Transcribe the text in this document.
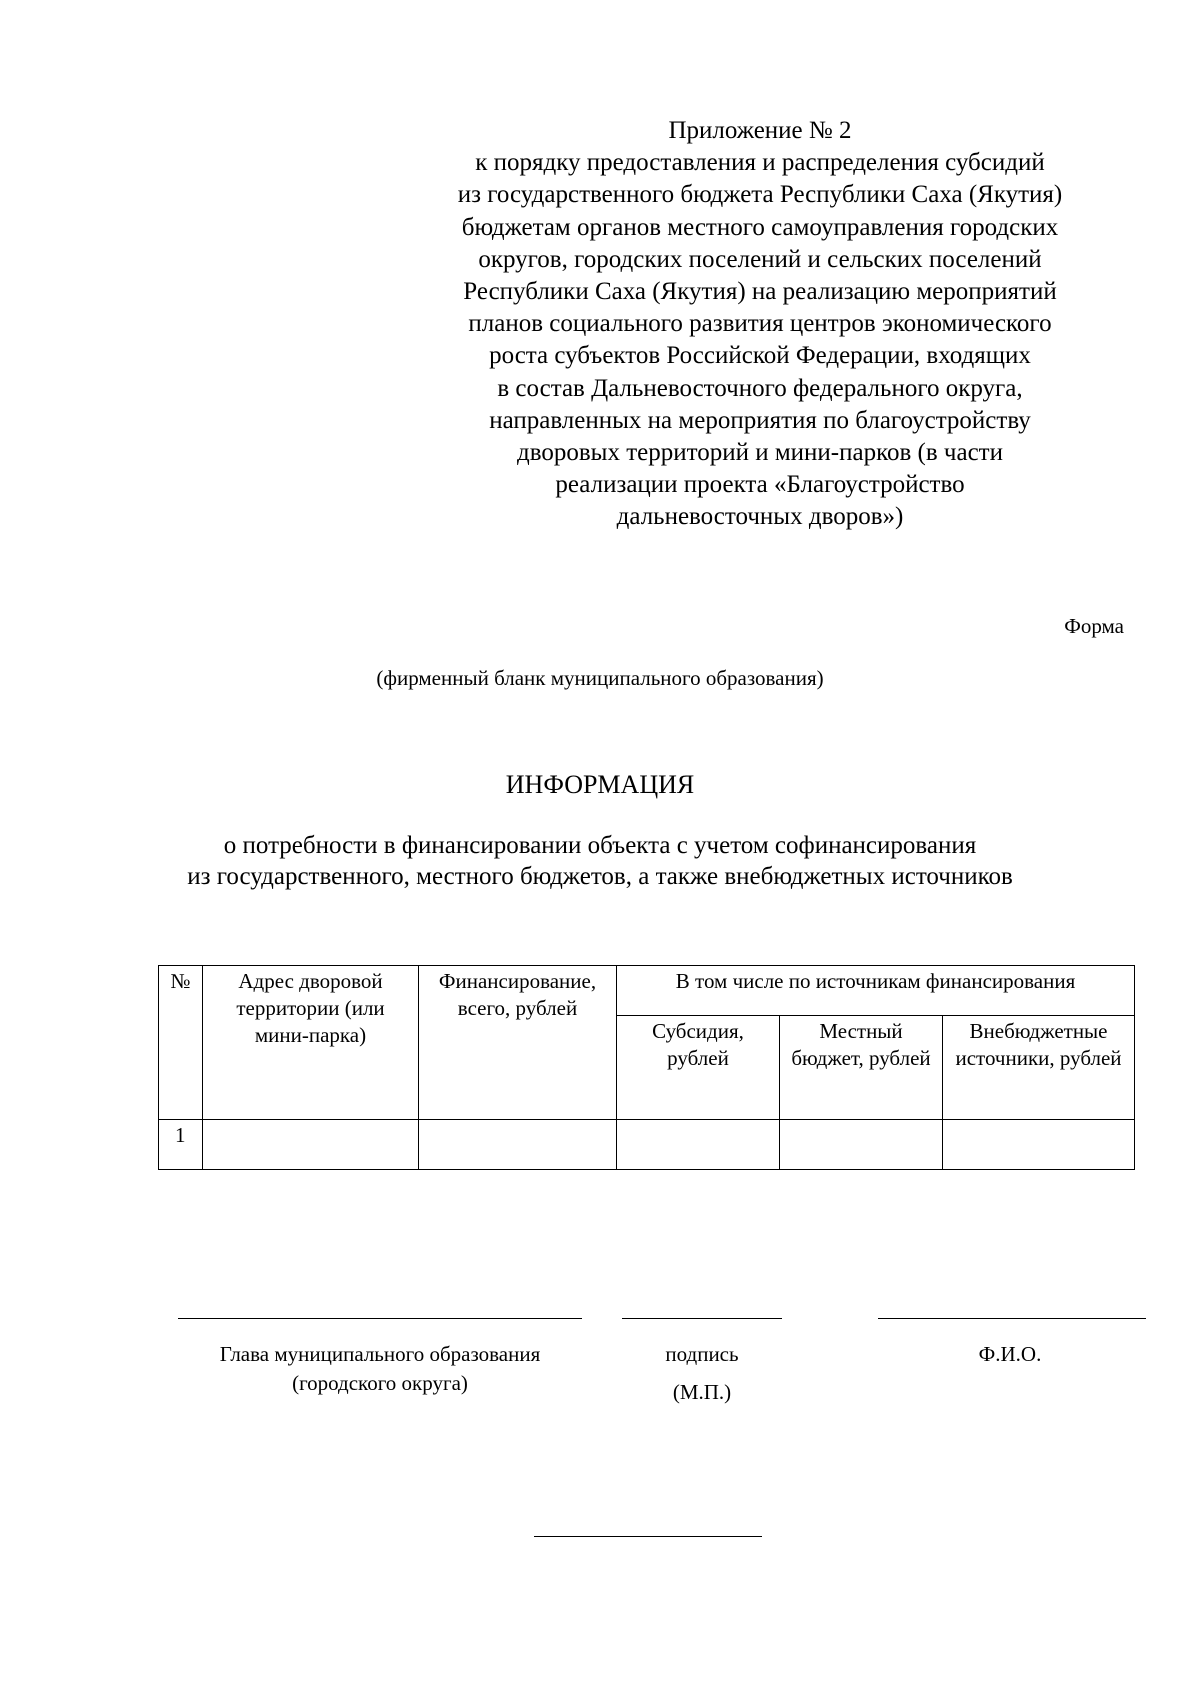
Приложение № 2
к порядку предоставления и распределения субсидий
из государственного бюджета Республики Саха (Якутия)
бюджетам органов местного самоуправления городских
округов, городских поселений и сельских поселений
Республики Саха (Якутия) на реализацию мероприятий
планов социального развития центров экономического
роста субъектов Российской Федерации, входящих
в состав Дальневосточного федерального округа,
направленных на мероприятия по благоустройству
дворовых территорий и мини-парков (в части
реализации проекта «Благоустройство
дальневосточных дворов»)
Форма
(фирменный бланк муниципального образования)
ИНФОРМАЦИЯ
о потребности в финансировании объекта с учетом софинансирования
из государственного, местного бюджетов, а также внебюджетных источников
№	Адрес дворовой территории (или мини-парка)	Финансирование, всего, рублей	В том числе по источникам финансирования		
			Субсидия, рублей	Местный бюджет, рублей	Внебюджетные источники, рублей
1					
Глава муниципального образования
(городского округа)
подпись
(М.П.)
Ф.И.О.
